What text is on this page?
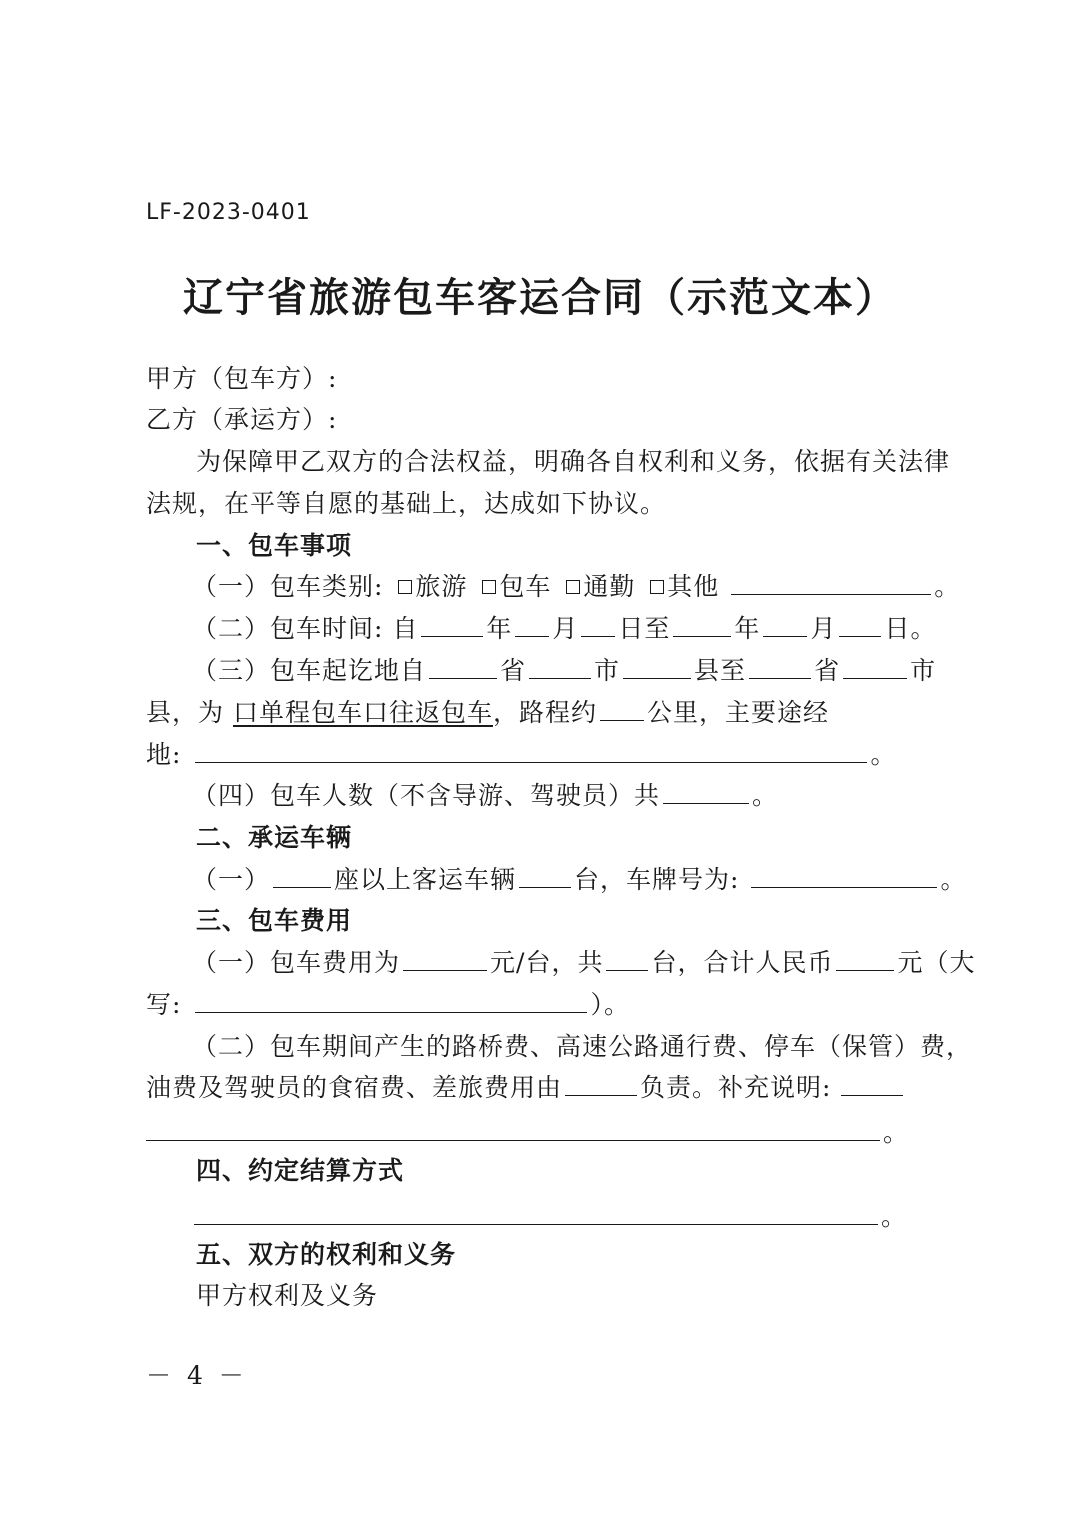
LF-2023-0401
辽宁省旅游包车客运合同（示范文本）
甲方（包车方）:
乙方（承运方）:
为保障甲乙双方的合法权益，明确各自权利和义务，依据有关法律
法规，在平等自愿的基础上，达成如下协议。
一、包车事项
（一）包车类别: 旅游 包车 通勤 其他	。
（二）包车时间: 自	年 月 日至	年 月 日。
（三）包车起讫地自	省	市	县至	省	市
县，为 口单程包车口往返包车，路程约 公里，主要途经
地:	。
（四）包车人数（不含导游、驾驶员）共	。
二、承运车辆
（一）	座以上客运车辆 台，车牌号为:	。
三、包车费用
（一）包车费用为	元/台，共 台，合计人民币	元（大
写:	）。
（二）包车期间产生的路桥费、高速公路通行费、停车（保管）费，
油费及驾驶员的食宿费、差旅费用由	负责。补充说明:
。
四、约定结算方式
。
五、双方的权利和义务
甲方权利及义务
－ 4 －
